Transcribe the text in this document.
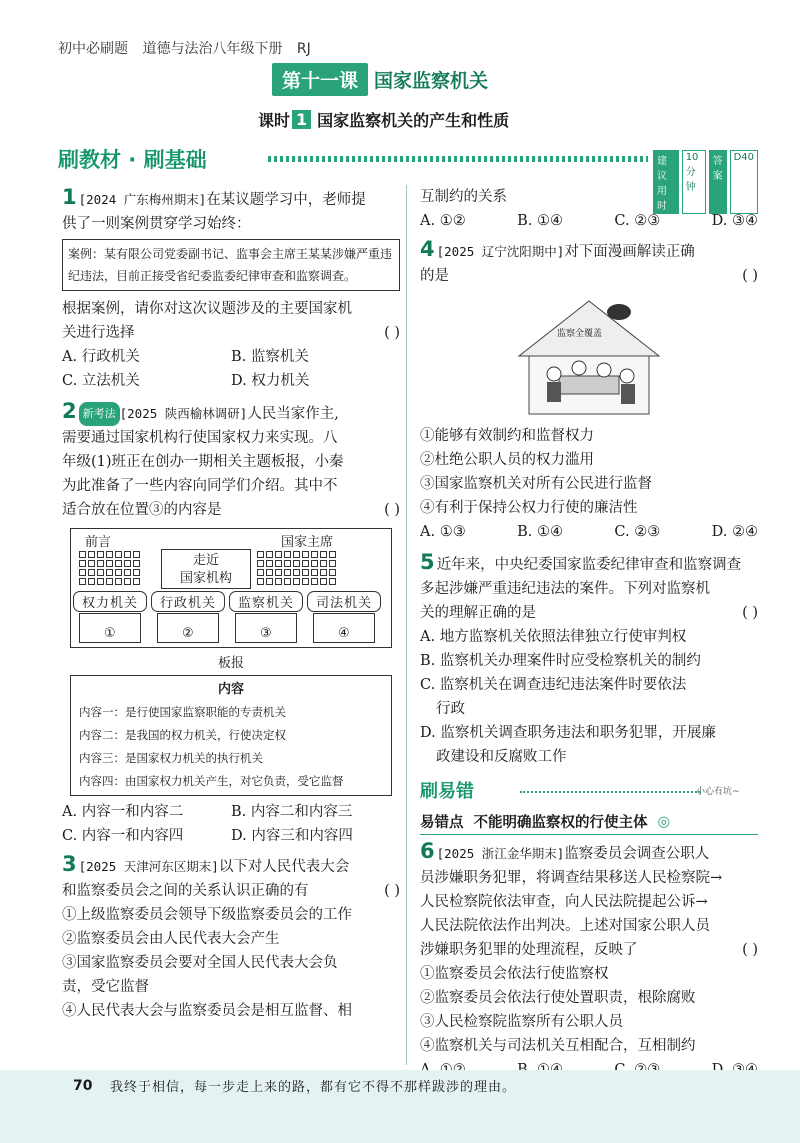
初中必刷题 道德与法治八年级下册 RJ
第十一课 国家监察机关
课时 1 国家监察机关的产生和性质
刷教材 · 刷基础	建议用时
10 分钟
答案
D40

1 [2024 广东梅州期末]在某议题学习中，老师提

供了一则案例贯穿学习始终：

案例：某有限公司党委副书记、监事会主席王某某涉嫌严重违纪违法，目前正接受省纪委监委纪律审查和监察调查。

根据案例，请你对这次议题涉及的主要国家机

关进行选择	( )

A. 行政机关	B. 监察机关
C. 立法机关	D. 权力机关

2 新考法 [2025 陕西榆林调研]人民当家作主,

需要通过国家机构行使国家权力来实现。八

年级(1)班正在创办一期相关主题板报，小秦

为此准备了一些内容向同学们介绍。其中不

适合放在位置③的内容是	( )

前言
走近
国家机构
国家主席
权力机关
①
行政机关
②
监察机关
③
司法机关
④
板报
内容
内容一：是行使国家监察职能的专责机关
内容二：是我国的权力机关，行使决定权
内容三：是国家权力机关的执行机关
内容四：由国家权力机关产生，对它负责，受它监督
A. 内容一和内容二	B. 内容二和内容三
C. 内容一和内容四	D. 内容三和内容四

3 [2025 天津河东区期末]以下对人民代表大会

和监察委员会之间的关系认识正确的有	( )

①上级监察委员会领导下级监察委员会的工作

②监察委员会由人民代表大会产生

③国家监察委员会要对全国人民代表大会负

责，受它监督

④人民代表大会与监察委员会是相互监督、相

互制约的关系

A. ①②	B. ①④	C. ②③	D. ③④

4 [2025 辽宁沈阳期中]对下面漫画解读正确

的是	( )

监察全覆盖

①能够有效制约和监督权力

②杜绝公职人员的权力滥用

③国家监察机关对所有公民进行监督

④有利于保持公权力行使的廉洁性

A. ①③	B. ①④	C. ②③	D. ②④

5 近年来，中央纪委国家监委纪律审查和监察调查

多起涉嫌严重违纪违法的案件。下列对监察机

关的理解正确的是	( )

A. 地方监察机关依照法律独立行使审判权

B. 监察机关办理案件时应受检察机关的制约

C. 监察机关在调查违纪违法案件时要依法

行政

D. 监察机关调查职务违法和职务犯罪，开展廉

政建设和反腐败工作

刷易错	小心有坑~
易错点 不能明确监察权的行使主体 ◎

6 [2025 浙江金华期末]监察委员会调查公职人

员涉嫌职务犯罪，将调查结果移送人民检察院→

人民检察院依法审查，向人民法院提起公诉→

人民法院依法作出判决。上述对国家公职人员

涉嫌职务犯罪的处理流程，反映了	( )

①监察委员会依法行使监察权

②监察委员会依法行使处置职责，根除腐败

③人民检察院监察所有公职人员

④监察机关与司法机关互相配合，互相制约

70 我终于相信，每一步走上来的路，都有它不得不那样跋涉的理由。
